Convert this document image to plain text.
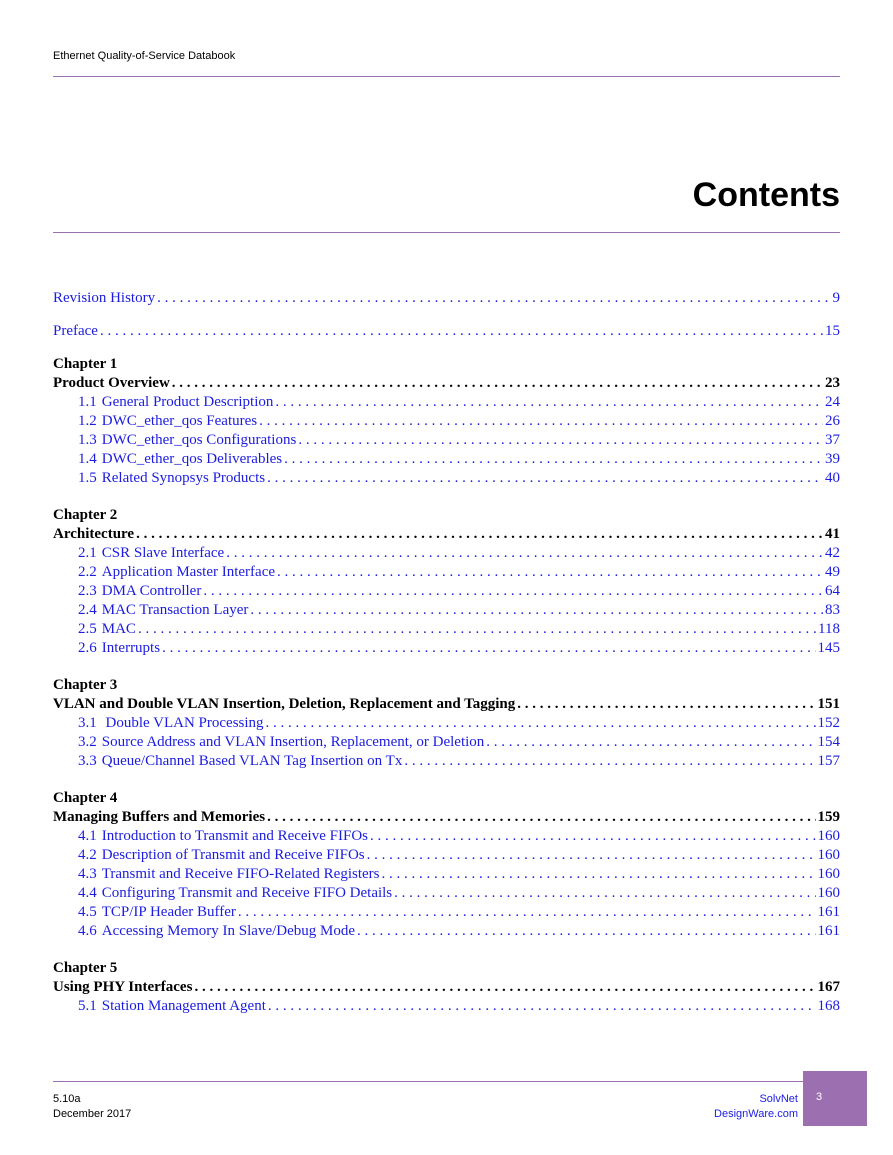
Ethernet Quality-of-Service Databook
Contents
Revision History . . .	9
Preface . . .	15
Chapter 1
Product Overview . . .	23
1.1 General Product Description . . .	24
1.2 DWC_ether_qos Features . . .	26
1.3 DWC_ether_qos Configurations . . .	37
1.4 DWC_ether_qos Deliverables . . .	39
1.5 Related Synopsys Products . . .	40
Chapter 2
Architecture . . .	41
2.1 CSR Slave Interface . . .	42
2.2 Application Master Interface . . .	49
2.3 DMA Controller . . .	64
2.4 MAC Transaction Layer . . .	83
2.5 MAC . . .	118
2.6 Interrupts . . .	145
Chapter 3
VLAN and Double VLAN Insertion, Deletion, Replacement and Tagging . . .	151
3.1 Double VLAN Processing . . .	152
3.2 Source Address and VLAN Insertion, Replacement, or Deletion . . .	154
3.3 Queue/Channel Based VLAN Tag Insertion on Tx . . .	157
Chapter 4
Managing Buffers and Memories . . .	159
4.1 Introduction to Transmit and Receive FIFOs . . .	160
4.2 Description of Transmit and Receive FIFOs . . .	160
4.3 Transmit and Receive FIFO-Related Registers . . .	160
4.4 Configuring Transmit and Receive FIFO Details . . .	160
4.5 TCP/IP Header Buffer . . .	161
4.6 Accessing Memory In Slave/Debug Mode . . .	161
Chapter 5
Using PHY Interfaces . . .	167
5.1 Station Management Agent . . .	168
5.10a
December 2017
SolvNet
DesignWare.com
3
